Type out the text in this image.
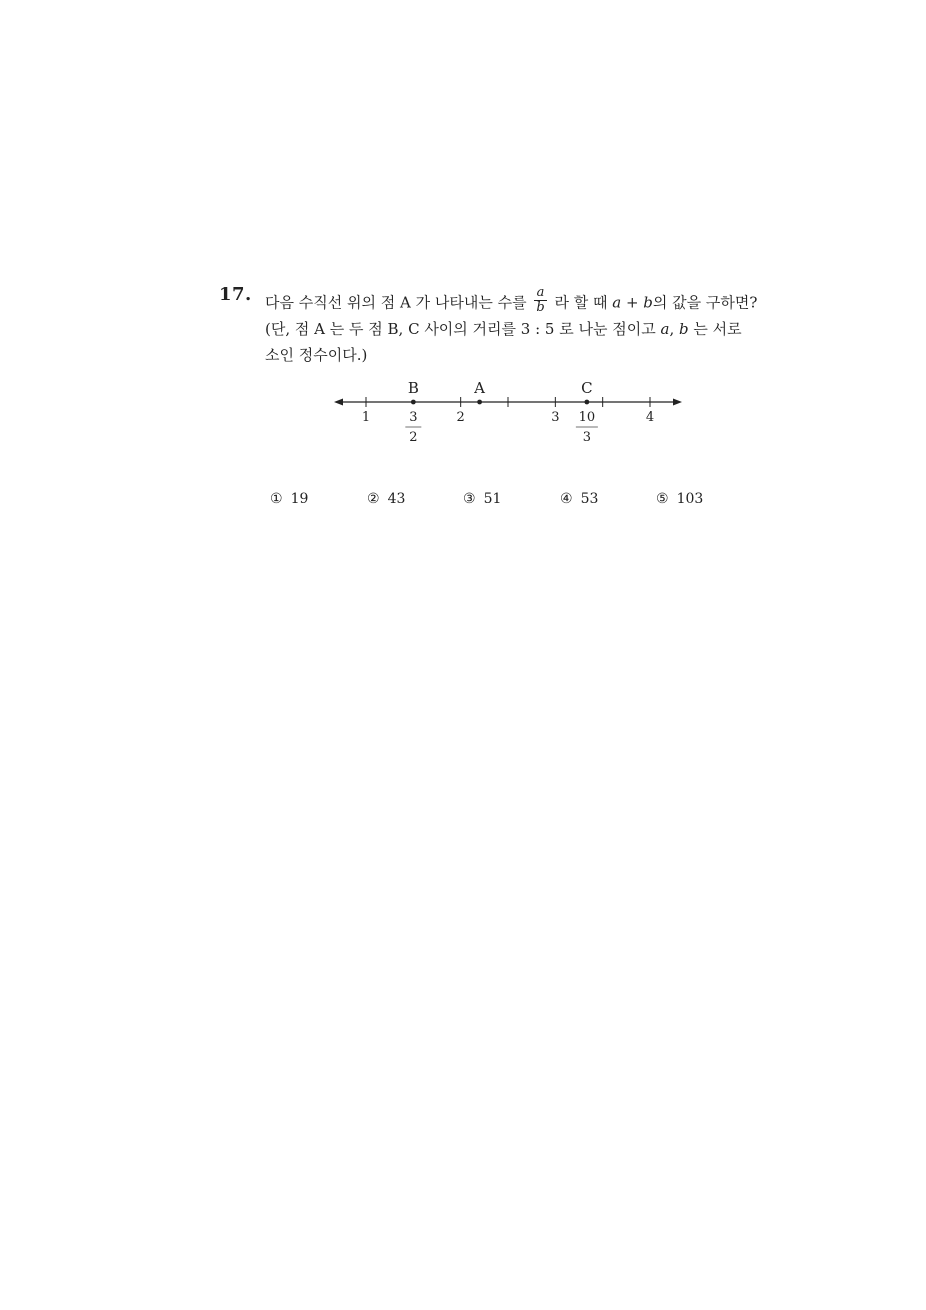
17. 다음 수직선 위의 점 A 가 나타내는 수를 $\frac{a}{b}$ 라 할 때 a + b의 값을 구하면?
(단, 점 A 는 두 점 B, C 사이의 거리를 3 : 5 로 나눈 점이고 a, b 는 서로
소인 정수이다.)
1	2	3	4
3
2
10
3
B	A	C
① 19	② 43	③ 51	④ 53	⑤ 103
